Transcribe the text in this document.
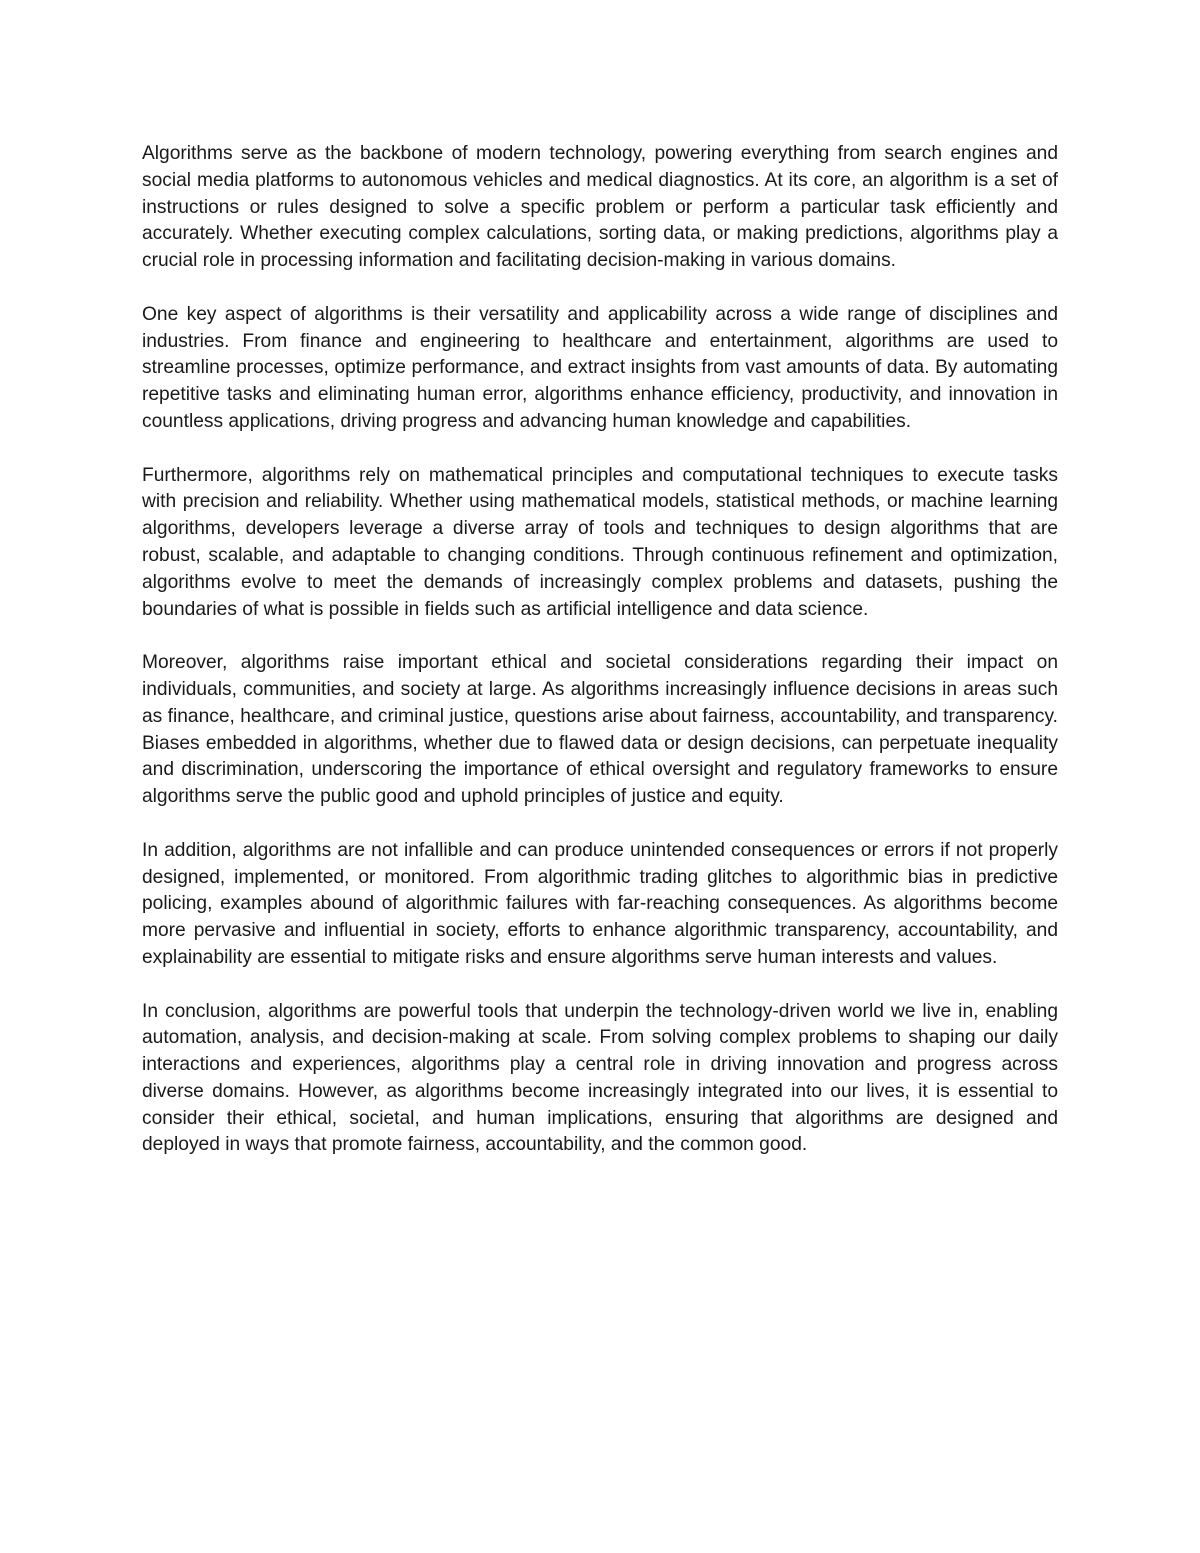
Algorithms serve as the backbone of modern technology, powering everything from search engines and social media platforms to autonomous vehicles and medical diagnostics. At its core, an algorithm is a set of instructions or rules designed to solve a specific problem or perform a particular task efficiently and accurately. Whether executing complex calculations, sorting data, or making predictions, algorithms play a crucial role in processing information and facilitating decision-making in various domains.

One key aspect of algorithms is their versatility and applicability across a wide range of disciplines and industries. From finance and engineering to healthcare and entertainment, algorithms are used to streamline processes, optimize performance, and extract insights from vast amounts of data. By automating repetitive tasks and eliminating human error, algorithms enhance efficiency, productivity, and innovation in countless applications, driving progress and advancing human knowledge and capabilities.

Furthermore, algorithms rely on mathematical principles and computational techniques to execute tasks with precision and reliability. Whether using mathematical models, statistical methods, or machine learning algorithms, developers leverage a diverse array of tools and techniques to design algorithms that are robust, scalable, and adaptable to changing conditions. Through continuous refinement and optimization, algorithms evolve to meet the demands of increasingly complex problems and datasets, pushing the boundaries of what is possible in fields such as artificial intelligence and data science.

Moreover, algorithms raise important ethical and societal considerations regarding their impact on individuals, communities, and society at large. As algorithms increasingly influence decisions in areas such as finance, healthcare, and criminal justice, questions arise about fairness, accountability, and transparency. Biases embedded in algorithms, whether due to flawed data or design decisions, can perpetuate inequality and discrimination, underscoring the importance of ethical oversight and regulatory frameworks to ensure algorithms serve the public good and uphold principles of justice and equity.

In addition, algorithms are not infallible and can produce unintended consequences or errors if not properly designed, implemented, or monitored. From algorithmic trading glitches to algorithmic bias in predictive policing, examples abound of algorithmic failures with far-reaching consequences. As algorithms become more pervasive and influential in society, efforts to enhance algorithmic transparency, accountability, and explainability are essential to mitigate risks and ensure algorithms serve human interests and values.

In conclusion, algorithms are powerful tools that underpin the technology-driven world we live in, enabling automation, analysis, and decision-making at scale. From solving complex problems to shaping our daily interactions and experiences, algorithms play a central role in driving innovation and progress across diverse domains. However, as algorithms become increasingly integrated into our lives, it is essential to consider their ethical, societal, and human implications, ensuring that algorithms are designed and deployed in ways that promote fairness, accountability, and the common good.
